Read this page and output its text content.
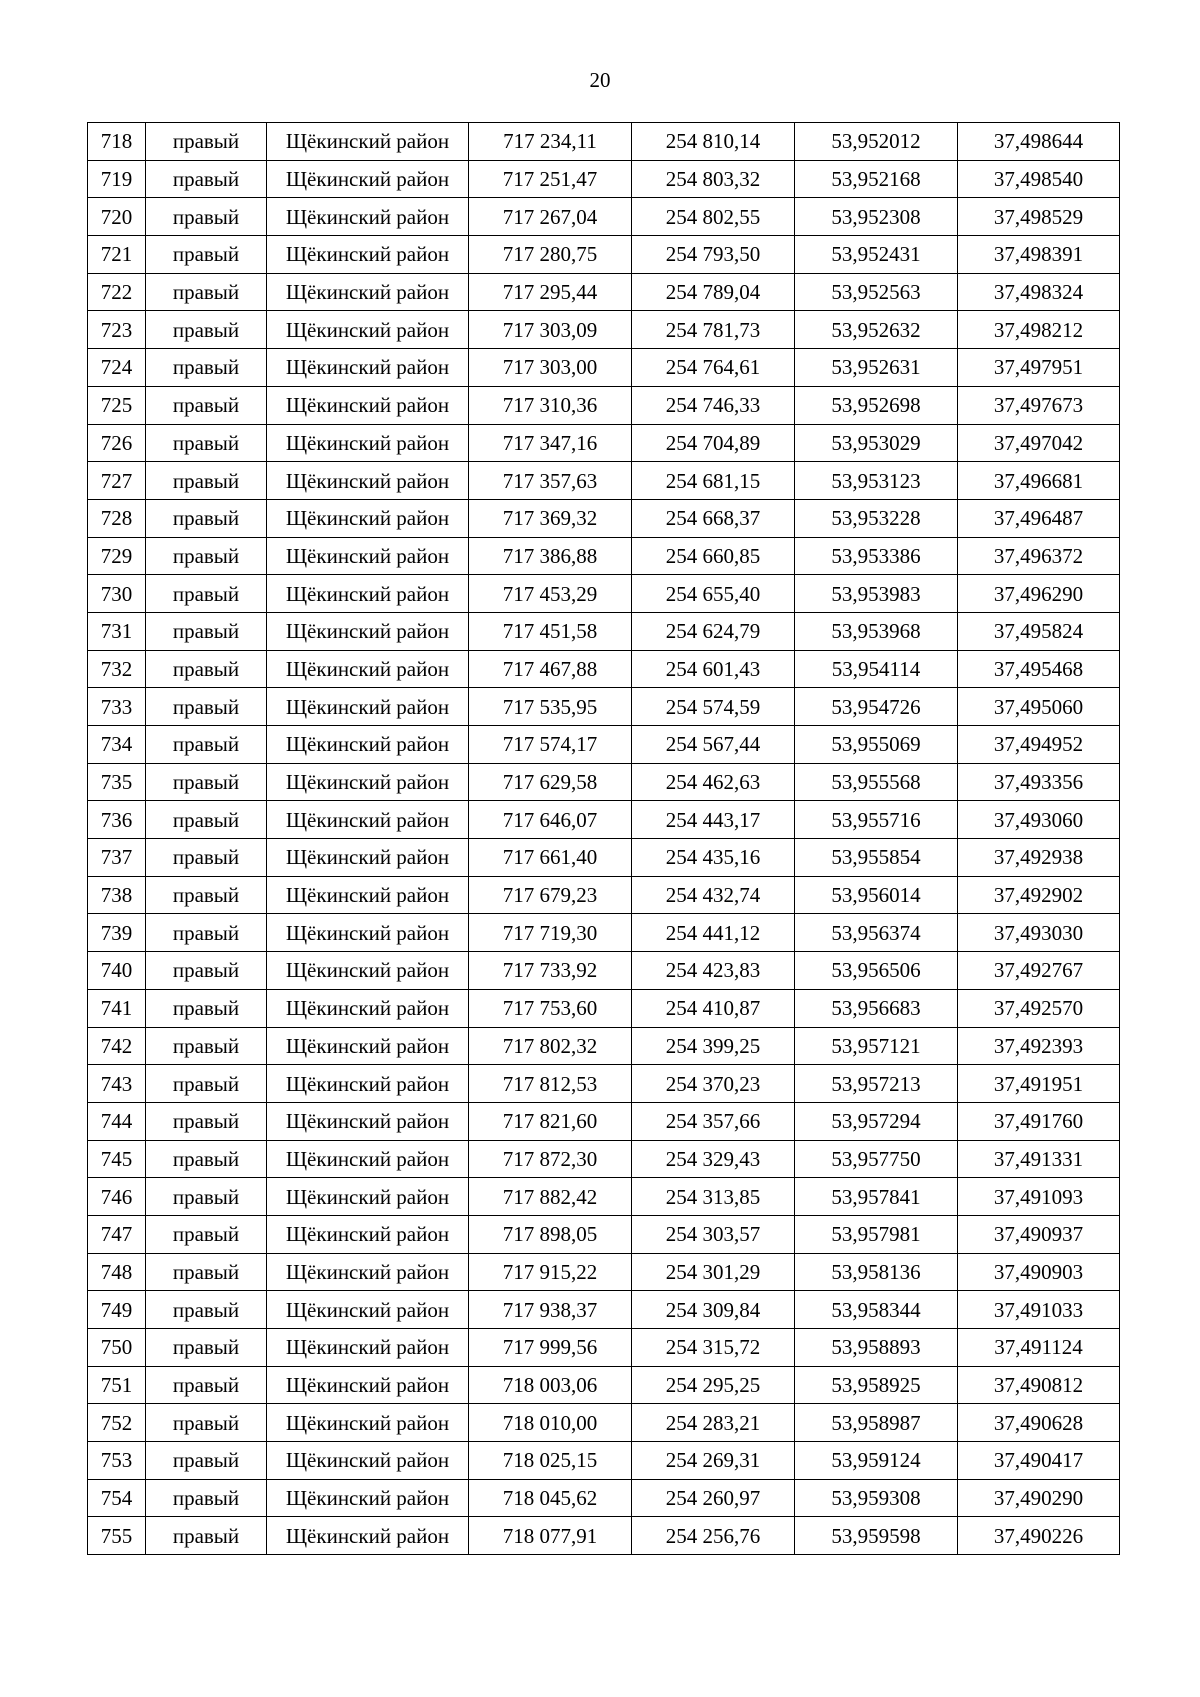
20
718	правый	Щёкинский район	717 234,11	254 810,14	53,952012	37,498644
719	правый	Щёкинский район	717 251,47	254 803,32	53,952168	37,498540
720	правый	Щёкинский район	717 267,04	254 802,55	53,952308	37,498529
721	правый	Щёкинский район	717 280,75	254 793,50	53,952431	37,498391
722	правый	Щёкинский район	717 295,44	254 789,04	53,952563	37,498324
723	правый	Щёкинский район	717 303,09	254 781,73	53,952632	37,498212
724	правый	Щёкинский район	717 303,00	254 764,61	53,952631	37,497951
725	правый	Щёкинский район	717 310,36	254 746,33	53,952698	37,497673
726	правый	Щёкинский район	717 347,16	254 704,89	53,953029	37,497042
727	правый	Щёкинский район	717 357,63	254 681,15	53,953123	37,496681
728	правый	Щёкинский район	717 369,32	254 668,37	53,953228	37,496487
729	правый	Щёкинский район	717 386,88	254 660,85	53,953386	37,496372
730	правый	Щёкинский район	717 453,29	254 655,40	53,953983	37,496290
731	правый	Щёкинский район	717 451,58	254 624,79	53,953968	37,495824
732	правый	Щёкинский район	717 467,88	254 601,43	53,954114	37,495468
733	правый	Щёкинский район	717 535,95	254 574,59	53,954726	37,495060
734	правый	Щёкинский район	717 574,17	254 567,44	53,955069	37,494952
735	правый	Щёкинский район	717 629,58	254 462,63	53,955568	37,493356
736	правый	Щёкинский район	717 646,07	254 443,17	53,955716	37,493060
737	правый	Щёкинский район	717 661,40	254 435,16	53,955854	37,492938
738	правый	Щёкинский район	717 679,23	254 432,74	53,956014	37,492902
739	правый	Щёкинский район	717 719,30	254 441,12	53,956374	37,493030
740	правый	Щёкинский район	717 733,92	254 423,83	53,956506	37,492767
741	правый	Щёкинский район	717 753,60	254 410,87	53,956683	37,492570
742	правый	Щёкинский район	717 802,32	254 399,25	53,957121	37,492393
743	правый	Щёкинский район	717 812,53	254 370,23	53,957213	37,491951
744	правый	Щёкинский район	717 821,60	254 357,66	53,957294	37,491760
745	правый	Щёкинский район	717 872,30	254 329,43	53,957750	37,491331
746	правый	Щёкинский район	717 882,42	254 313,85	53,957841	37,491093
747	правый	Щёкинский район	717 898,05	254 303,57	53,957981	37,490937
748	правый	Щёкинский район	717 915,22	254 301,29	53,958136	37,490903
749	правый	Щёкинский район	717 938,37	254 309,84	53,958344	37,491033
750	правый	Щёкинский район	717 999,56	254 315,72	53,958893	37,491124
751	правый	Щёкинский район	718 003,06	254 295,25	53,958925	37,490812
752	правый	Щёкинский район	718 010,00	254 283,21	53,958987	37,490628
753	правый	Щёкинский район	718 025,15	254 269,31	53,959124	37,490417
754	правый	Щёкинский район	718 045,62	254 260,97	53,959308	37,490290
755	правый	Щёкинский район	718 077,91	254 256,76	53,959598	37,490226
